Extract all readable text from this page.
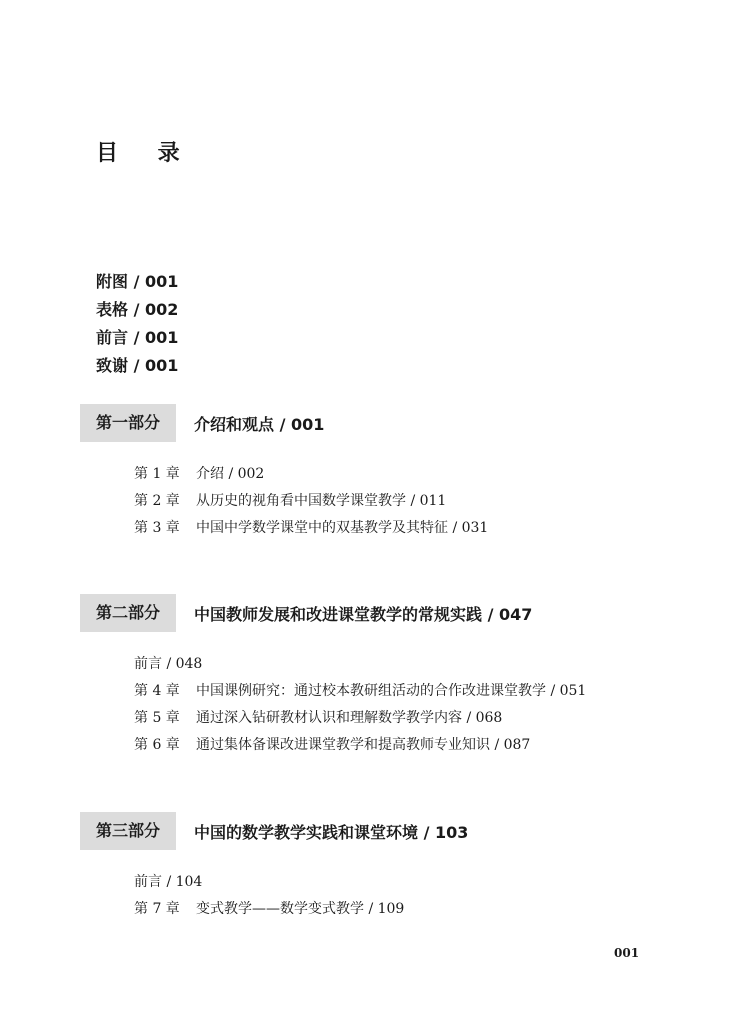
目 录
附图 / 001
表格 / 002
前言 / 001
致谢 / 001
第一部分	介绍和观点 / 001
第 1 章 介绍 / 002
第 2 章 从历史的视角看中国数学课堂教学 / 011
第 3 章 中国中学数学课堂中的双基教学及其特征 / 031
第二部分	中国教师发展和改进课堂教学的常规实践 / 047
前言 / 048
第 4 章 中国课例研究：通过校本教研组活动的合作改进课堂教学 / 051
第 5 章 通过深入钻研教材认识和理解数学教学内容 / 068
第 6 章 通过集体备课改进课堂教学和提高教师专业知识 / 087
第三部分	中国的数学教学实践和课堂环境 / 103
前言 / 104
第 7 章 变式教学——数学变式教学 / 109
001
